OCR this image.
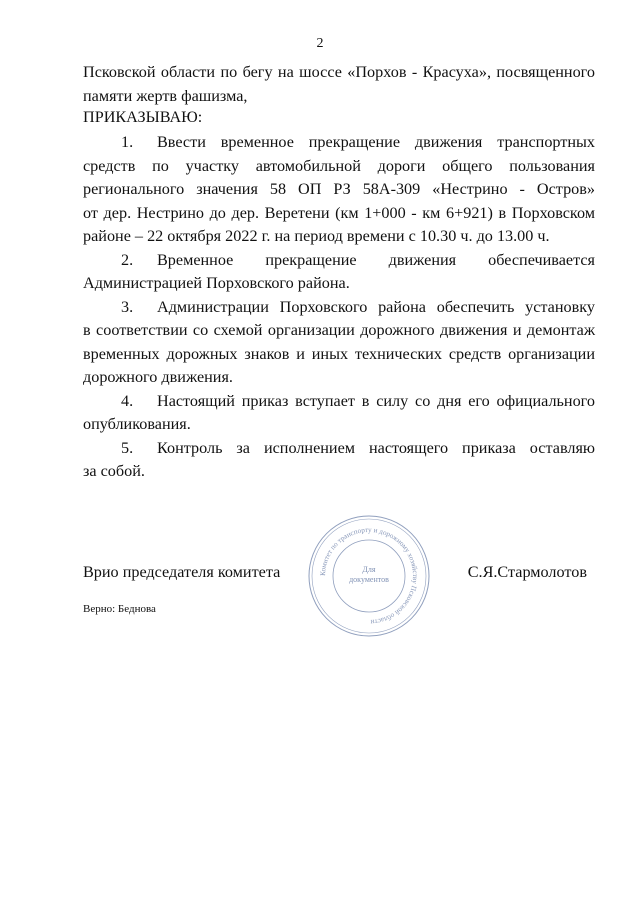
2
Псковской области по бегу на шоссе «Порхов - Красуха», посвященного
памяти жертв фашизма,
ПРИКАЗЫВАЮ:
1. Ввести временное прекращение движения транспортных
средств по участку автомобильной дороги общего пользования
регионального значения 58 ОП РЗ 58А-309 «Нестрино - Остров»
от дер. Нестрино до дер. Веретени (км 1+000 - км 6+921) в Порховском
районе – 22 октября 2022 г. на период времени с 10.30 ч. до 13.00 ч.
2. Временное прекращение движения обеспечивается
Администрацией Порховского района.
3. Администрации Порховского района обеспечить установку
в соответствии со схемой организации дорожного движения и демонтаж
временных дорожных знаков и иных технических средств организации
дорожного движения.
4. Настоящий приказ вступает в силу со дня его официального
опубликования.
5. Контроль за исполнением настоящего приказа оставляю
за собой.
Врио председателя комитета	С.Я.Стармолотов
Верно: Беднова
Комитет по транспорту и дорожному хозяйству Псковской области
Для
документов
